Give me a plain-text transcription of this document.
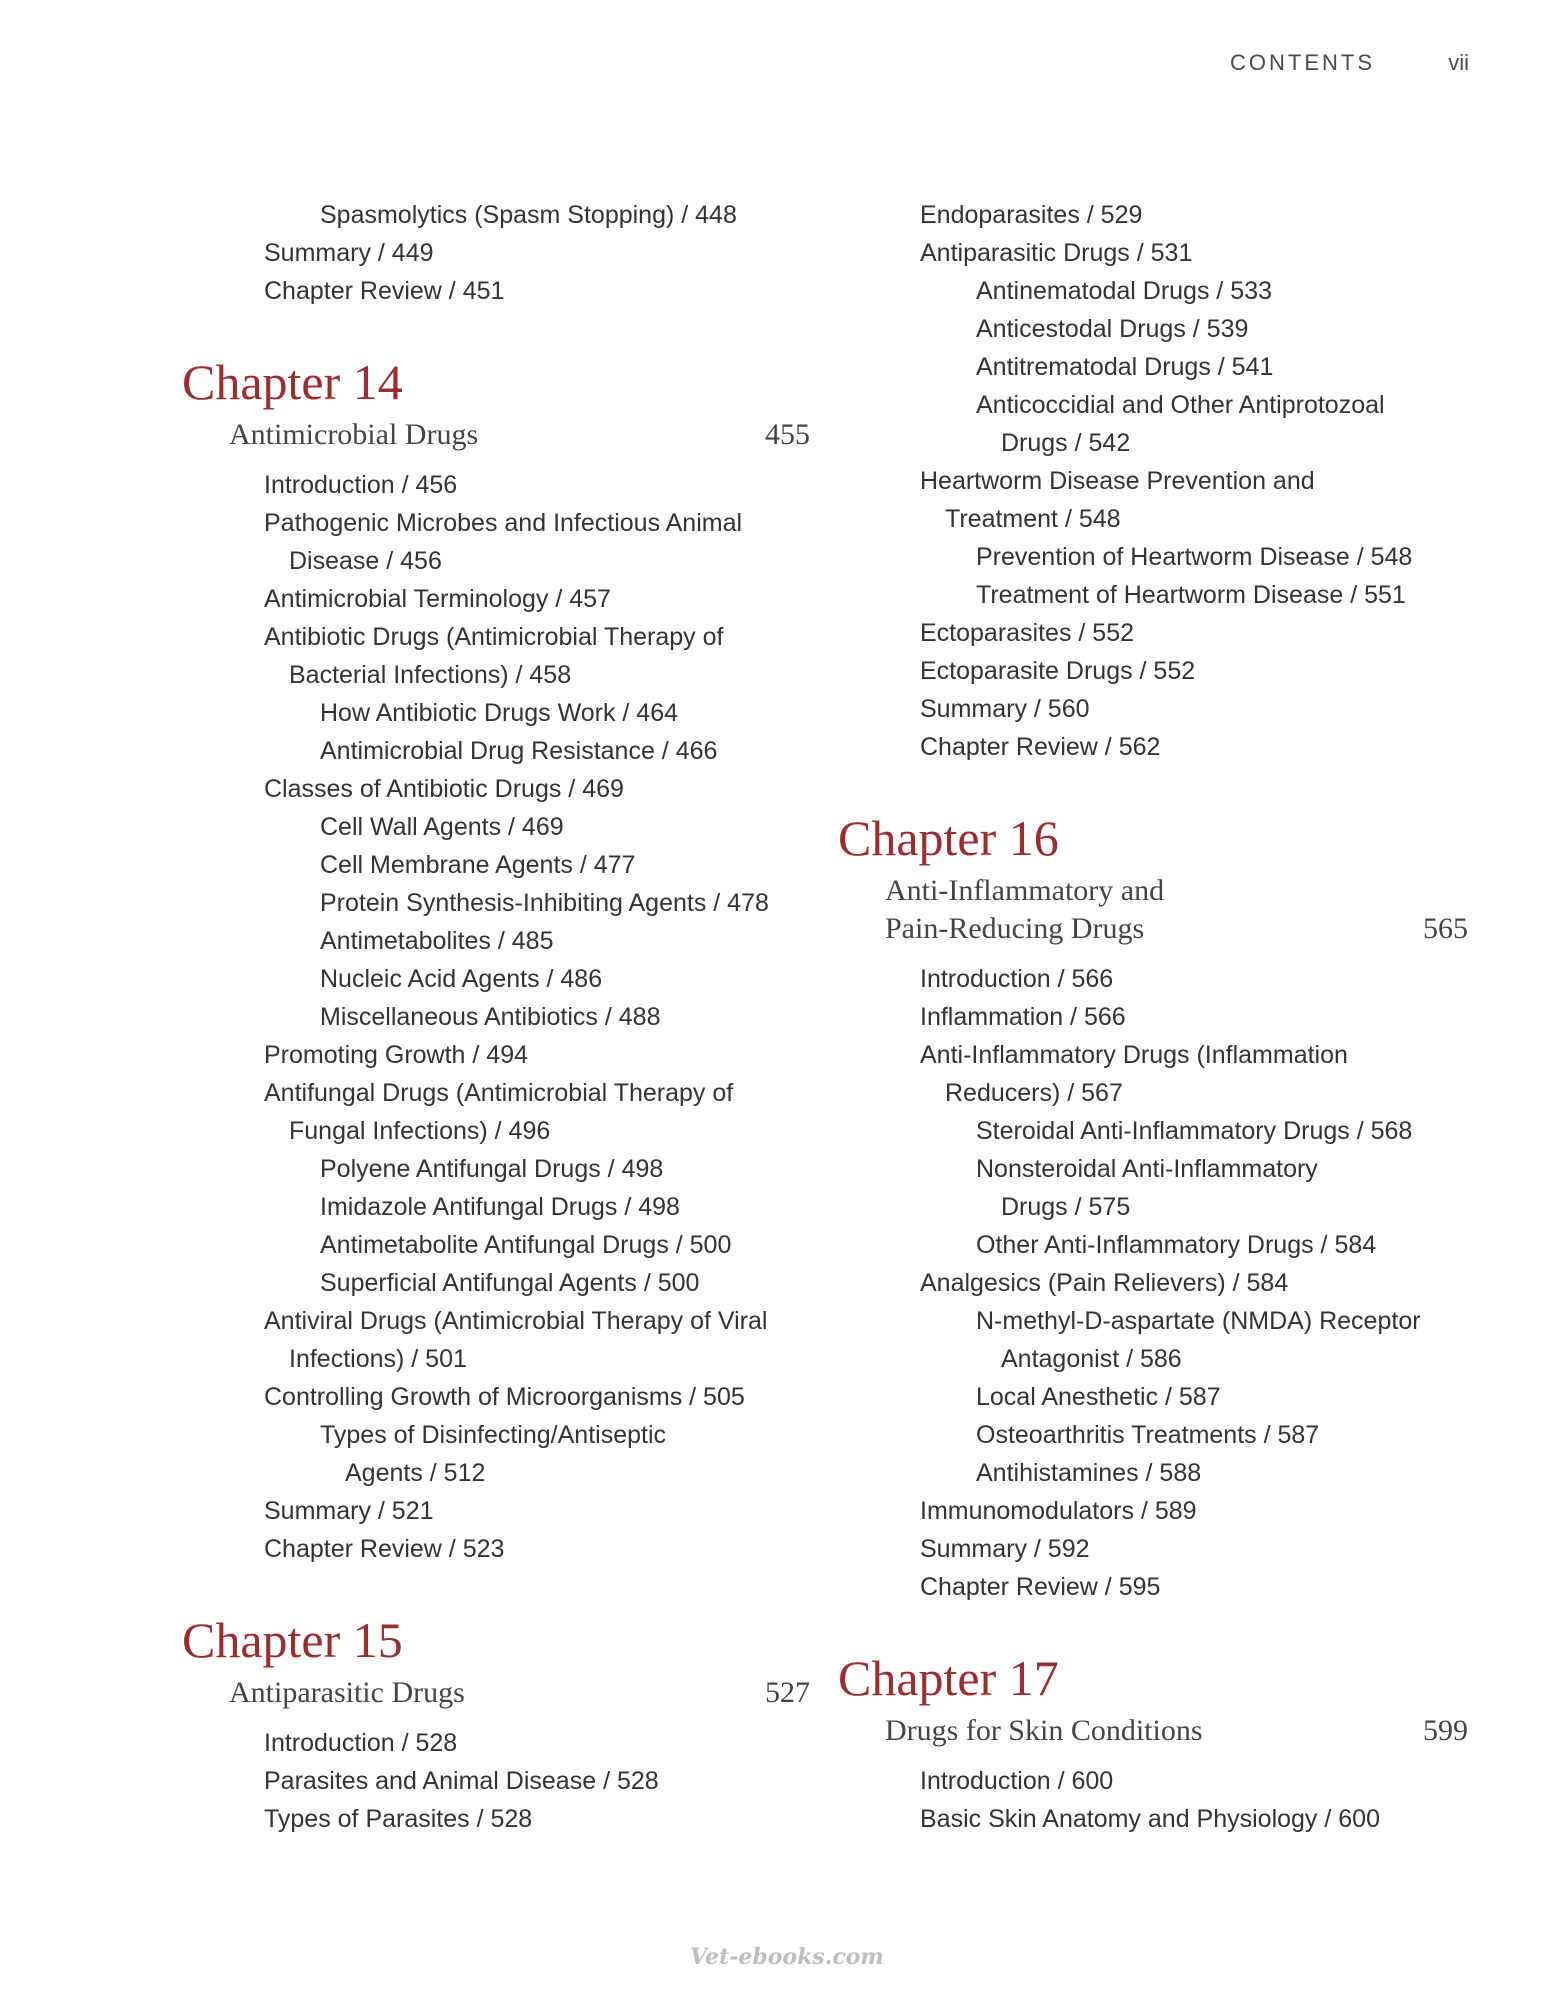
CONTENTS	vii
Spasmolytics (Spasm Stopping) / 448
Summary / 449
Chapter Review / 451
Chapter 14
Antimicrobial Drugs	455
Introduction / 456
Pathogenic Microbes and Infectious Animal
Disease / 456
Antimicrobial Terminology / 457
Antibiotic Drugs (Antimicrobial Therapy of
Bacterial Infections) / 458
How Antibiotic Drugs Work / 464
Antimicrobial Drug Resistance / 466
Classes of Antibiotic Drugs / 469
Cell Wall Agents / 469
Cell Membrane Agents / 477
Protein Synthesis-Inhibiting Agents / 478
Antimetabolites / 485
Nucleic Acid Agents / 486
Miscellaneous Antibiotics / 488
Promoting Growth / 494
Antifungal Drugs (Antimicrobial Therapy of
Fungal Infections) / 496
Polyene Antifungal Drugs / 498
Imidazole Antifungal Drugs / 498
Antimetabolite Antifungal Drugs / 500
Superficial Antifungal Agents / 500
Antiviral Drugs (Antimicrobial Therapy of Viral
Infections) / 501
Controlling Growth of Microorganisms / 505
Types of Disinfecting/Antiseptic
Agents / 512
Summary / 521
Chapter Review / 523
Chapter 15
Antiparasitic Drugs	527
Introduction / 528
Parasites and Animal Disease / 528
Types of Parasites / 528
Endoparasites / 529
Antiparasitic Drugs / 531
Antinematodal Drugs / 533
Anticestodal Drugs / 539
Antitrematodal Drugs / 541
Anticoccidial and Other Antiprotozoal
Drugs / 542
Heartworm Disease Prevention and
Treatment / 548
Prevention of Heartworm Disease / 548
Treatment of Heartworm Disease / 551
Ectoparasites / 552
Ectoparasite Drugs / 552
Summary / 560
Chapter Review / 562
Chapter 16
Anti-Inflammatory and
Pain-Reducing Drugs	565
Introduction / 566
Inflammation / 566
Anti-Inflammatory Drugs (Inflammation
Reducers) / 567
Steroidal Anti-Inflammatory Drugs / 568
Nonsteroidal Anti-Inflammatory
Drugs / 575
Other Anti-Inflammatory Drugs / 584
Analgesics (Pain Relievers) / 584
N-methyl-D-aspartate (NMDA) Receptor
Antagonist / 586
Local Anesthetic / 587
Osteoarthritis Treatments / 587
Antihistamines / 588
Immunomodulators / 589
Summary / 592
Chapter Review / 595
Chapter 17
Drugs for Skin Conditions	599
Introduction / 600
Basic Skin Anatomy and Physiology / 600
Vet-ebooks.com
